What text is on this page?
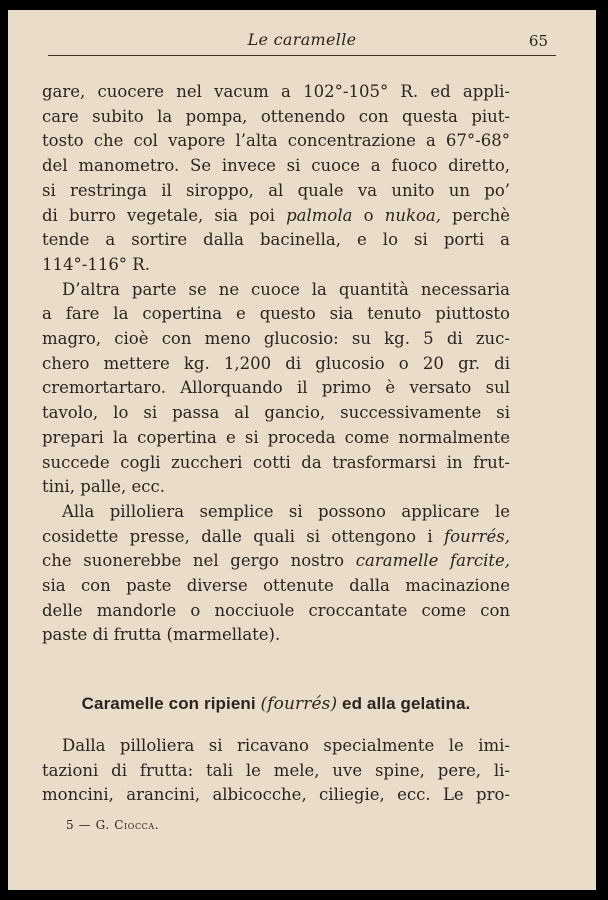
Le caramelle	65
gare, cuocere nel vacum a 102°-105° R. ed appli-
care subito la pompa, ottenendo con questa piut-
tosto che col vapore l’alta concentrazione a 67°-68°
del manometro. Se invece si cuoce a fuoco diretto,
si restringa il siroppo, al quale va unito un po’
di burro vegetale, sia poi palmola o nukoa, perchè
tende a sortire dalla bacinella, e lo si porti a
114°-116° R.
D’altra parte se ne cuoce la quantità necessaria
a fare la copertina e questo sia tenuto piuttosto
magro, cioè con meno glucosio: su kg. 5 di zuc-
chero mettere kg. 1,200 di glucosio o 20 gr. di
cremortartaro. Allorquando il primo è versato sul
tavolo, lo si passa al gancio, successivamente si
prepari la copertina e si proceda come normalmente
succede cogli zuccheri cotti da trasformarsi in frut-
tini, palle, ecc.
Alla pilloliera semplice si possono applicare le
cosidette presse, dalle quali si ottengono i fourrés,
che suonerebbe nel gergo nostro caramelle farcite,
sia con paste diverse ottenute dalla macinazione
delle mandorle o nocciuole croccantate come con
paste di frutta (marmellate).
Caramelle con ripieni (fourrés) ed alla gelatina.
Dalla pilloliera si ricavano specialmente le imi-
tazioni di frutta: tali le mele, uve spine, pere, li-
moncini, arancini, albicocche, ciliegie, ecc. Le pro-
5 — G. Ciocca.
